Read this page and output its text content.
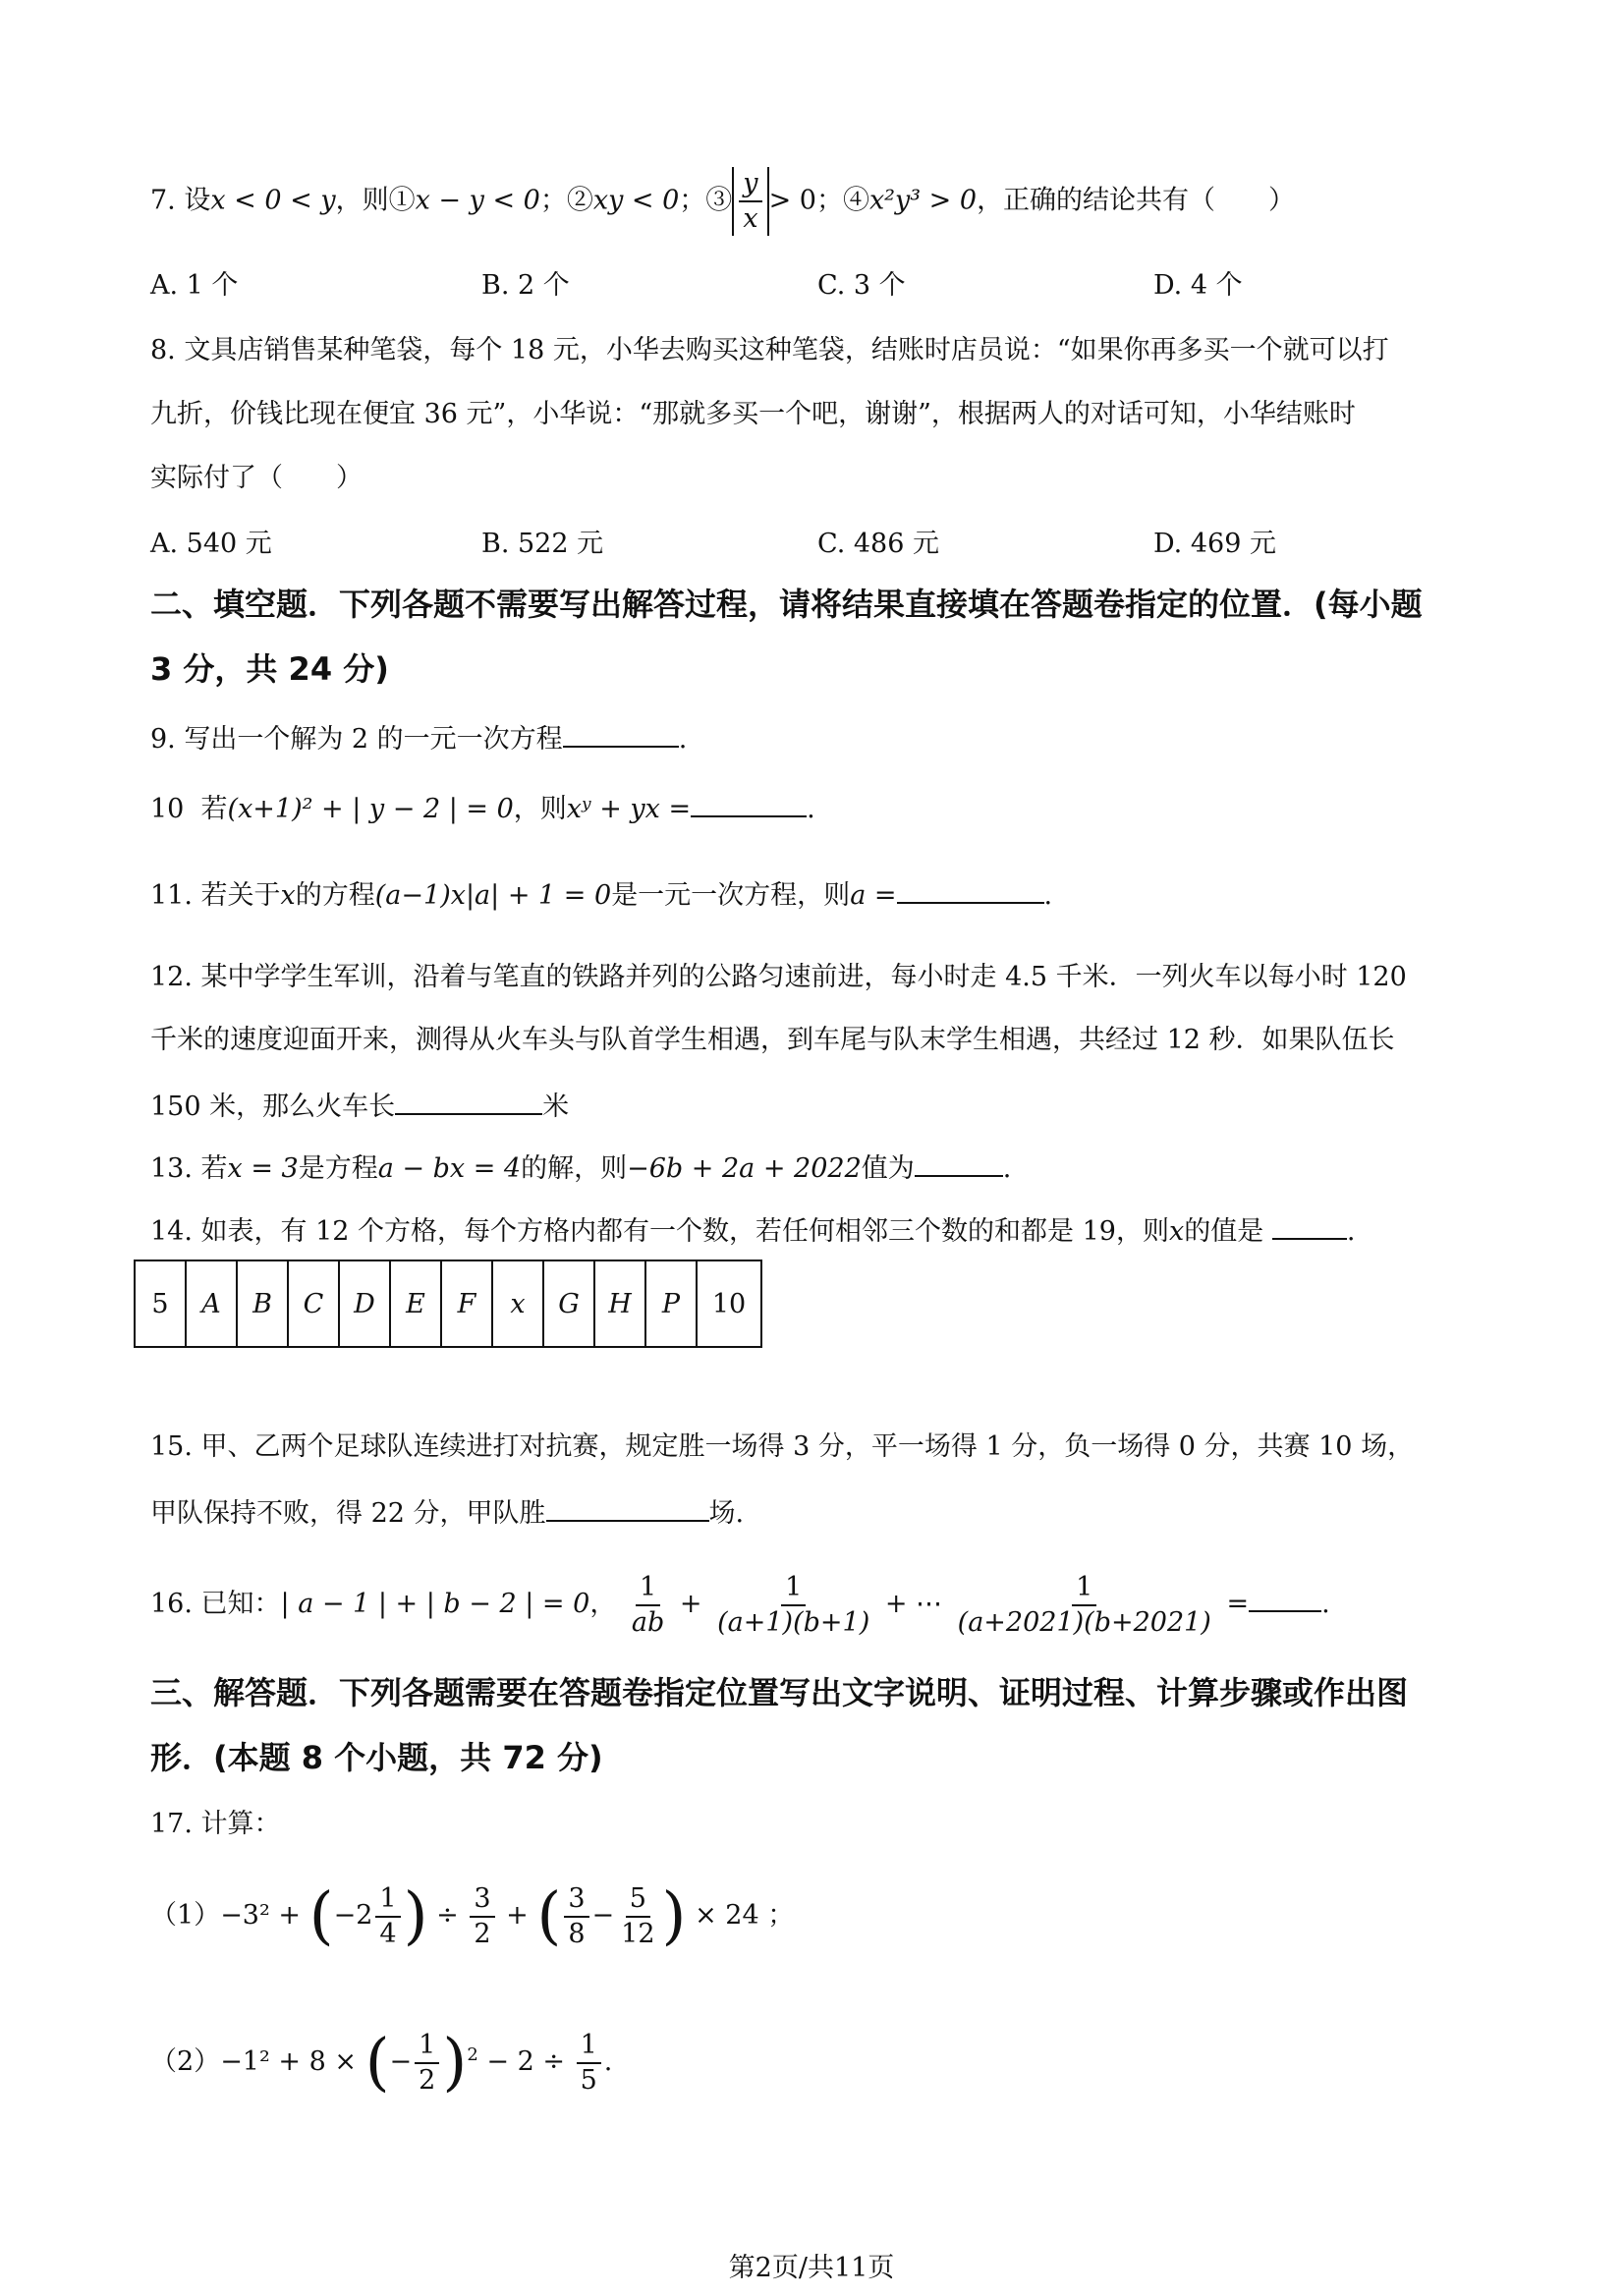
7. 设x < 0 < y，则①x − y < 0；②xy < 0；③ $\frac{y}{x} > 0$；④x²y³ > 0，正确的结论共有（　　）
A. 1 个	B. 2 个	C. 3 个	D. 4 个
8. 文具店销售某种笔袋，每个 18 元，小华去购买这种笔袋，结账时店员说：“如果你再多买一个就可以打
九折，价钱比现在便宜 36 元”，小华说：“那就多买一个吧，谢谢”，根据两人的对话可知，小华结账时
实际付了（　　）
A. 540 元	B. 522 元	C. 486 元	D. 469 元
二、填空题．下列各题不需要写出解答过程，请将结果直接填在答题卷指定的位置．(每小题
3 分，共 24 分)
9. 写出一个解为 2 的一元一次方程	.
10 若(x+1)² + | y − 2 | = 0，则xʸ + yx =	.
11. 若关于x的方程(a−1)x|a| + 1 = 0是一元一次方程，则a =	.
12. 某中学学生军训，沿着与笔直的铁路并列的公路匀速前进，每小时走 4.5 千米．一列火车以每小时 120
千米的速度迎面开来，测得从火车头与队首学生相遇，到车尾与队末学生相遇，共经过 12 秒．如果队伍长
150 米，那么火车长	米
13. 若x = 3是方程a − bx = 4的解，则−6b + 2a + 2022值为	.
14. 如表，有 12 个方格，每个方格内都有一个数，若任何相邻三个数的和都是 19，则x的值是	.
5	A	B	C	D	E	F	x	G	H	P	10
15. 甲、乙两个足球队连续进打对抗赛，规定胜一场得 3 分，平一场得 1 分，负一场得 0 分，共赛 10 场，
甲队保持不败，得 22 分，甲队胜	场.
16. 已知：| a − 1 | + | b − 2 | = 0， $\frac{1}{ab} + \frac{1}{(a+1)(b+1)}$ + ⋯ $\frac{1}{(a+2021)(b+2021)}$ =	.
三、解答题．下列各题需要在答题卷指定位置写出文字说明、证明过程、计算步骤或作出图
形．(本题 8 个小题，共 72 分)
17. 计算：
$(1)-3^2 + (-2 \frac{1}{4}$ ) ÷ $\frac{3}{2}$ + ( $\frac{3}{8} - \frac{5}{12}$ ) × 24 ；
（2）−1² + 8 × (− $\frac{1}{2} )^2 - 2 \div \frac{1}{5}$ .
第2页/共11页
